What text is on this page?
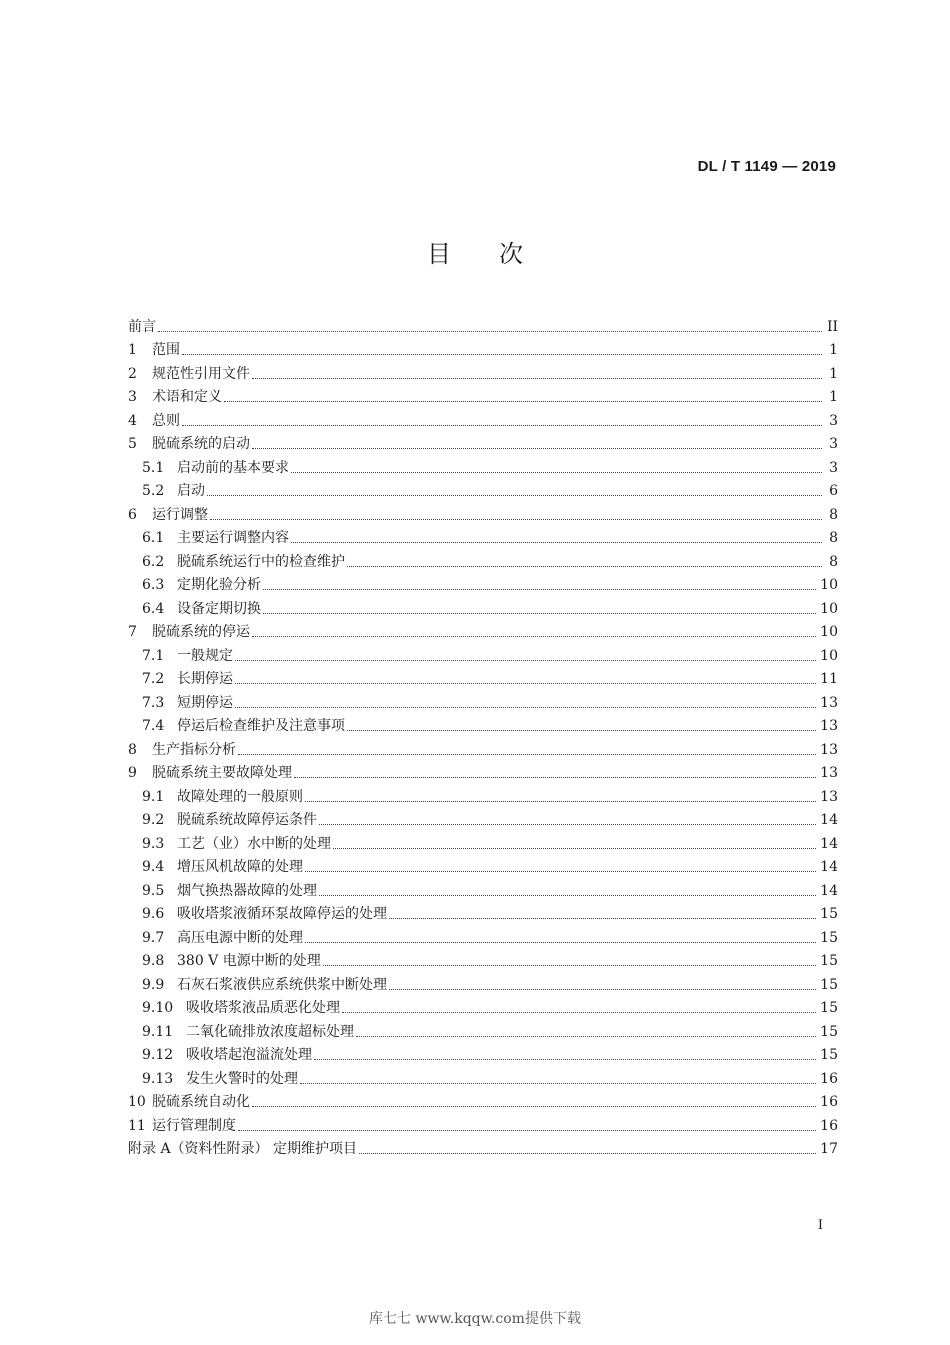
DL / T 1149 — 2019
目次
前言	II
1	范围	1
2	规范性引用文件	1
3	术语和定义	1
4	总则	3
5	脱硫系统的启动	3
5.1 启动前的基本要求	3
5.2 启动	6
6	运行调整	8
6.1 主要运行调整内容	8
6.2 脱硫系统运行中的检查维护	8
6.3 定期化验分析	10
6.4 设备定期切换	10
7	脱硫系统的停运	10
7.1 一般规定	10
7.2 长期停运	11
7.3 短期停运	13
7.4 停运后检查维护及注意事项	13
8	生产指标分析	13
9	脱硫系统主要故障处理	13
9.1 故障处理的一般原则	13
9.2 脱硫系统故障停运条件	14
9.3 工艺（业）水中断的处理	14
9.4 增压风机故障的处理	14
9.5 烟气换热器故障的处理	14
9.6 吸收塔浆液循环泵故障停运的处理	15
9.7 高压电源中断的处理	15
9.8 380 V 电源中断的处理	15
9.9 石灰石浆液供应系统供浆中断处理	15
9.10 吸收塔浆液品质恶化处理	15
9.11 二氧化硫排放浓度超标处理	15
9.12 吸收塔起泡溢流处理	15
9.13 发生火警时的处理	16
10 脱硫系统自动化	16
11 运行管理制度	16
附录 A（资料性附录） 定期维护项目	17
I
库七七 www.kqqw.com提供下载
